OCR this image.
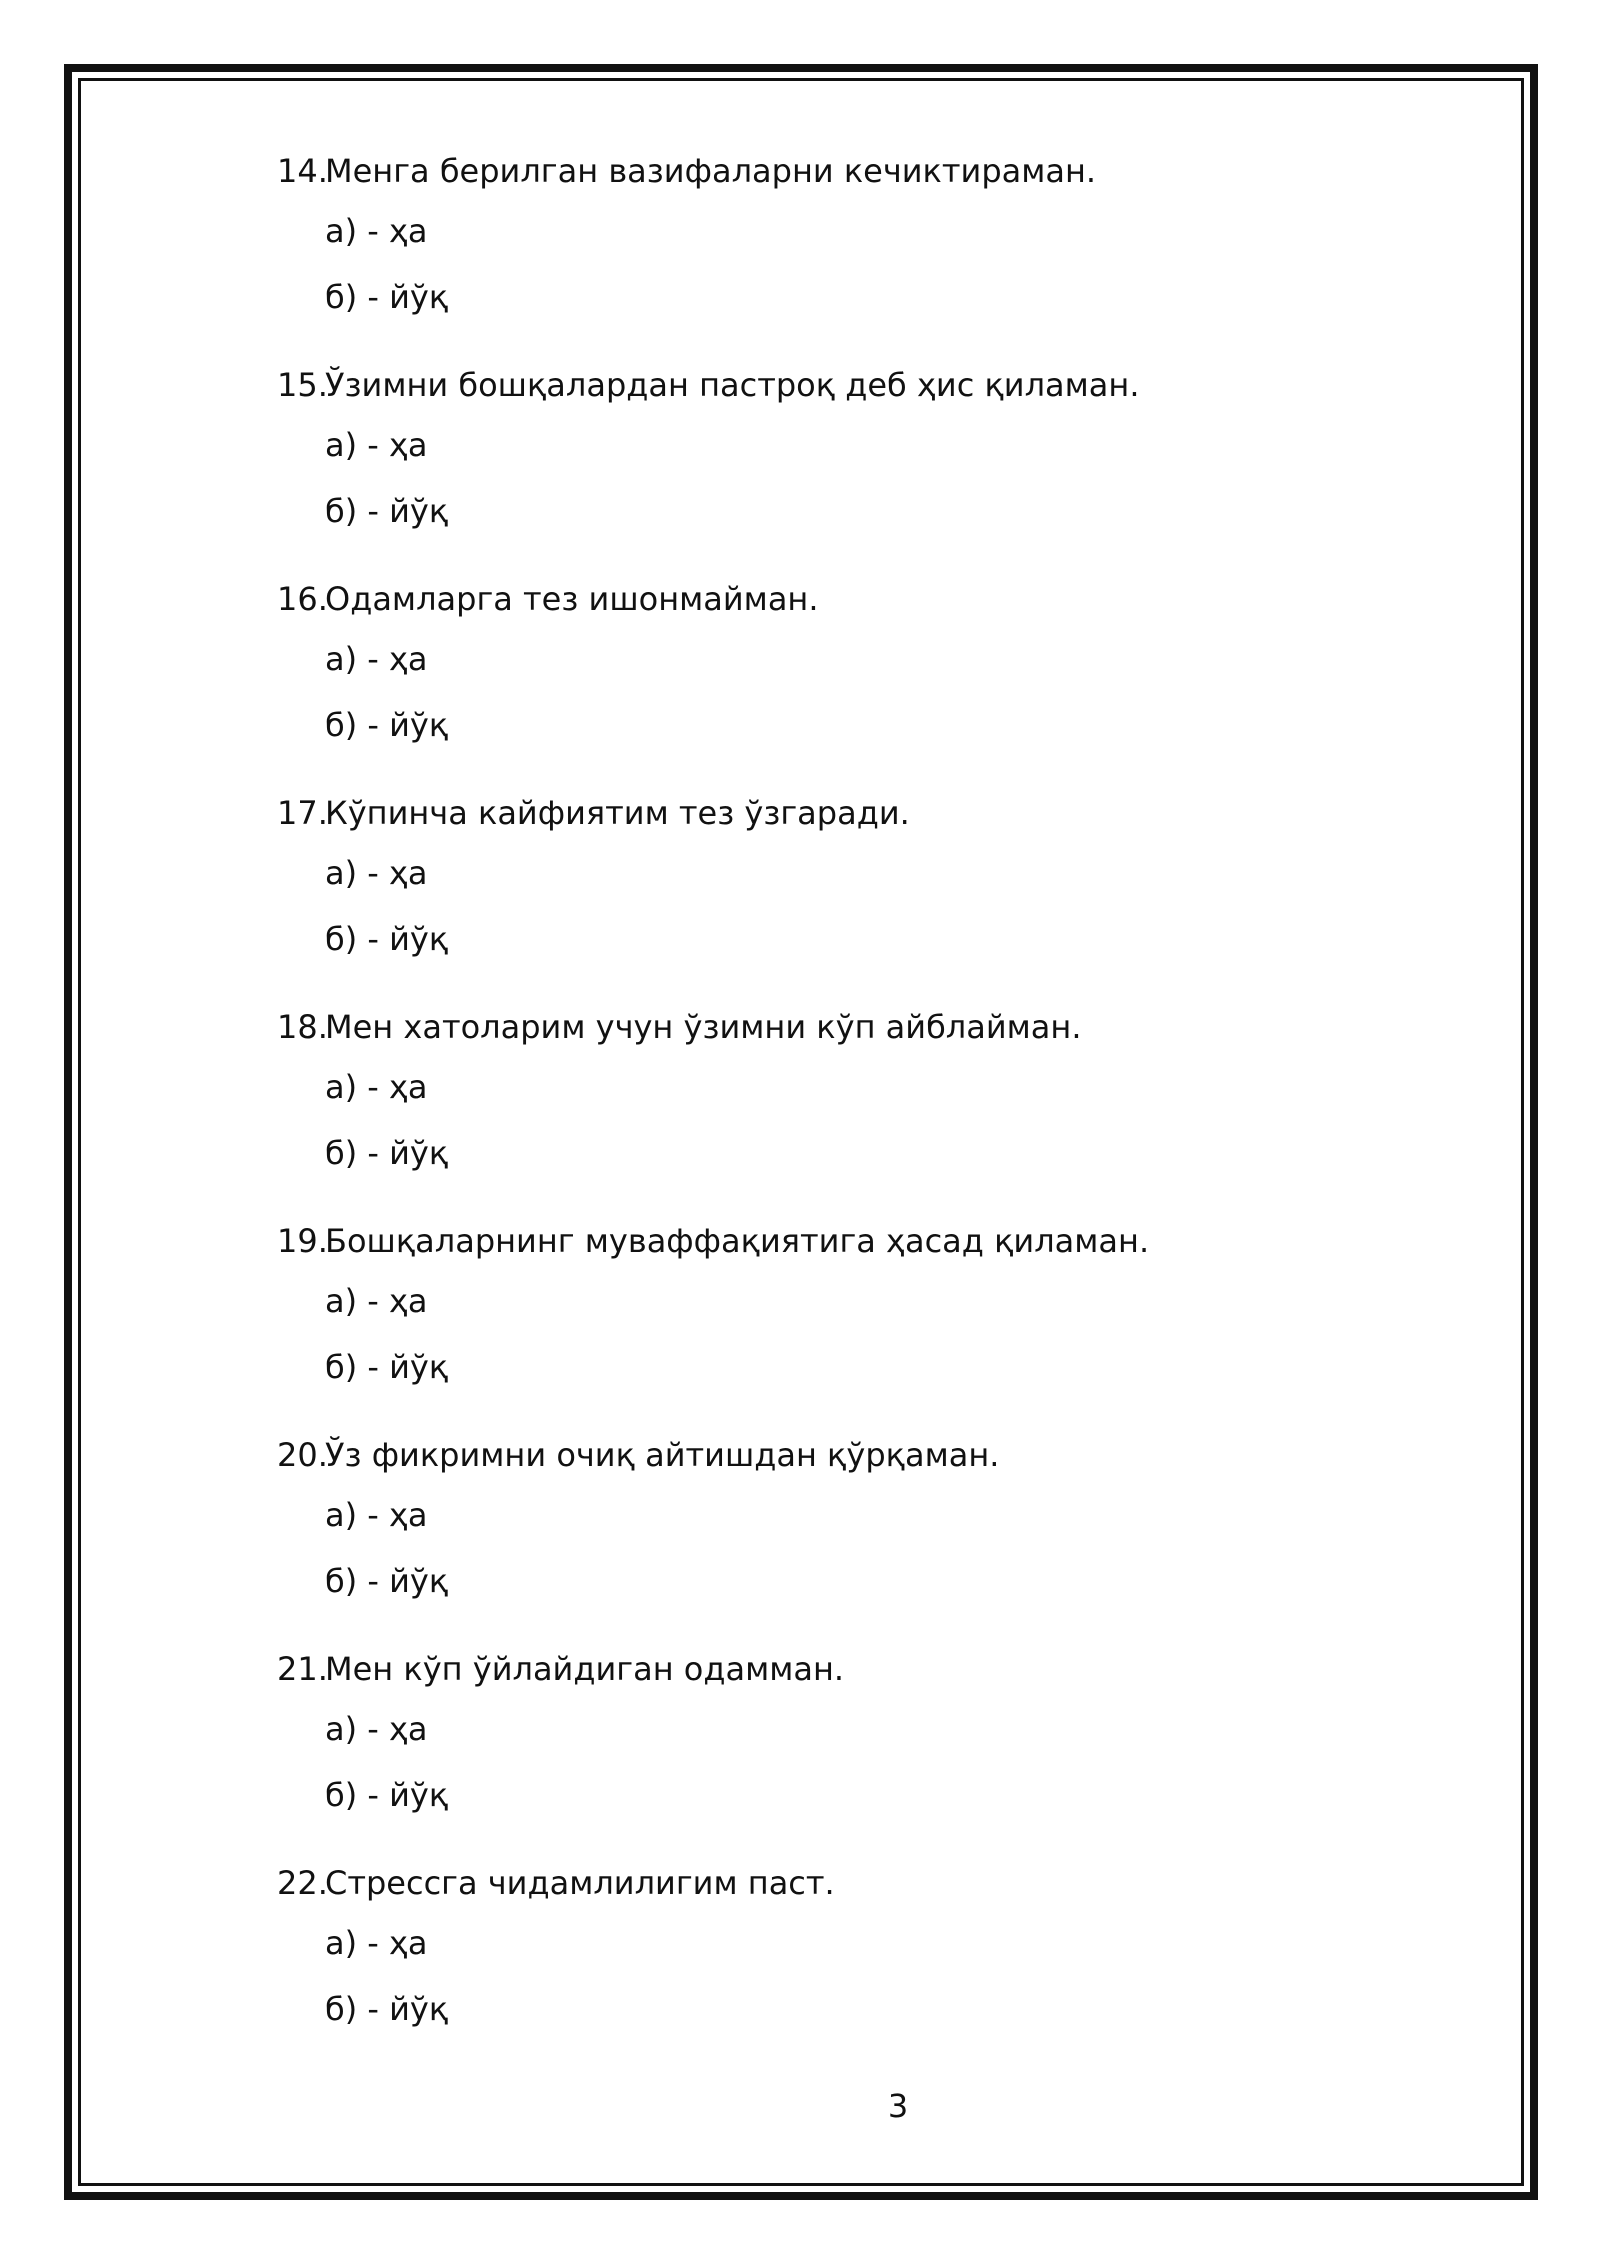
14.
Менга берилган вазифаларни кечиктираман.
а) - ҳа
б) - йўқ
15.
Ўзимни бошқалардан пастроқ деб ҳис қиламан.
а) - ҳа
б) - йўқ
16.
Одамларга тез ишонмайман.
а) - ҳа
б) - йўқ
17.
Кўпинча кайфиятим тез ўзгаради.
а) - ҳа
б) - йўқ
18.
Мен хатоларим учун ўзимни кўп айблайман.
а) - ҳа
б) - йўқ
19.
Бошқаларнинг муваффақиятига ҳасад қиламан.
а) - ҳа
б) - йўқ
20.
Ўз фикримни очиқ айтишдан қўрқаман.
а) - ҳа
б) - йўқ
21.
Мен кўп ўйлайдиган одамман.
а) - ҳа
б) - йўқ
22.
Стрессга чидамлилигим паст.
а) - ҳа
б) - йўқ
3
